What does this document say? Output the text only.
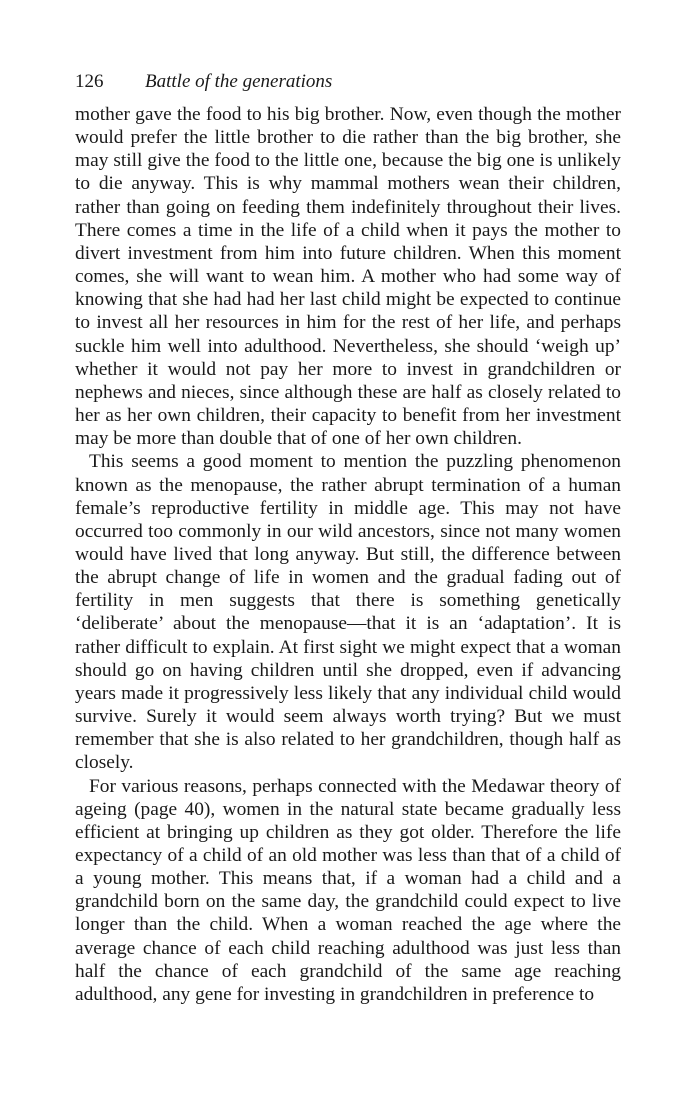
126 Battle of the generations

mother gave the food to his big brother. Now, even though the mother would prefer the little brother to die rather than the big brother, she may still give the food to the little one, because the big one is unlikely to die anyway. This is why mammal mothers wean their children, rather than going on feeding them indefinitely throughout their lives. There comes a time in the life of a child when it pays the mother to divert investment from him into future children. When this moment comes, she will want to wean him. A mother who had some way of knowing that she had had her last child might be expected to continue to invest all her resources in him for the rest of her life, and perhaps suckle him well into adulthood. Nevertheless, she should ‘weigh up’ whether it would not pay her more to invest in grandchildren or nephews and nieces, since although these are half as closely related to her as her own children, their capacity to benefit from her investment may be more than double that of one of her own children.

This seems a good moment to mention the puzzling phenomenon known as the menopause, the rather abrupt termination of a human female’s reproductive fertility in middle age. This may not have occurred too commonly in our wild ancestors, since not many women would have lived that long anyway. But still, the difference between the abrupt change of life in women and the gradual fading out of fertility in men suggests that there is something genetically ‘deliberate’ about the menopause—that it is an ‘adaptation’. It is rather difficult to explain. At first sight we might expect that a woman should go on having children until she dropped, even if advancing years made it progressively less likely that any individual child would survive. Surely it would seem always worth trying? But we must remember that she is also related to her grandchildren, though half as closely.

For various reasons, perhaps connected with the Medawar theory of ageing (page 40), women in the natural state became gradually less efficient at bringing up children as they got older. Therefore the life expectancy of a child of an old mother was less than that of a child of a young mother. This means that, if a woman had a child and a grandchild born on the same day, the grandchild could expect to live longer than the child. When a woman reached the age where the average chance of each child reaching adulthood was just less than half the chance of each grandchild of the same age reaching adulthood, any gene for investing in grandchildren in preference to
